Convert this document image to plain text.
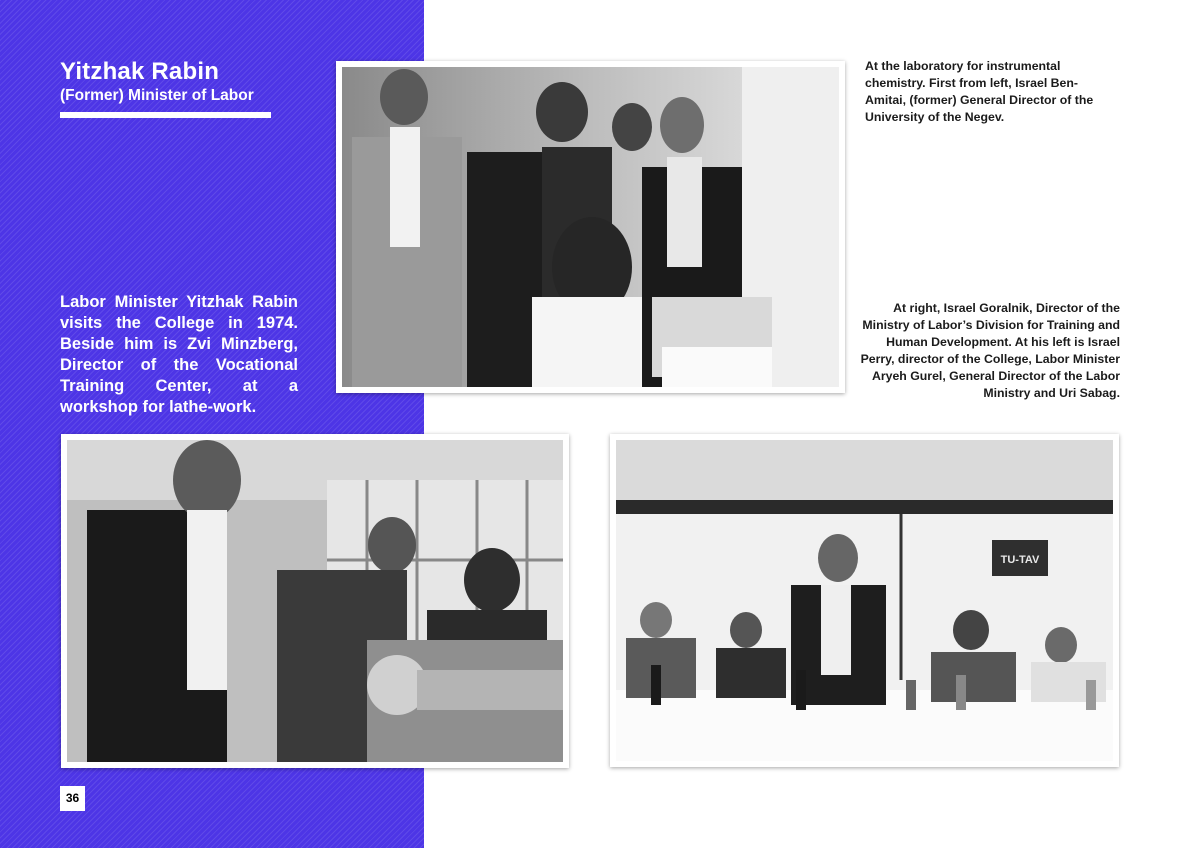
Yitzhak Rabin
(Former) Minister of Labor
Labor Minister Yitzhak Rabin visits the College in 1974. Beside him is Zvi Minzberg, Director of the Vocational Training Center, at a workshop for lathe-work.
At the laboratory for instrumental chemistry. First from left, Israel Ben-Amitai, (former) General Director of the University of the Negev.
At right, Israel Goralnik, Director of the Ministry of Labor’s Division for Training and Human Development. At his left is Israel Perry, director of the College, Labor Minister Aryeh Gurel, General Director of the Labor Ministry and Uri Sabag.
TU-TAV
36
